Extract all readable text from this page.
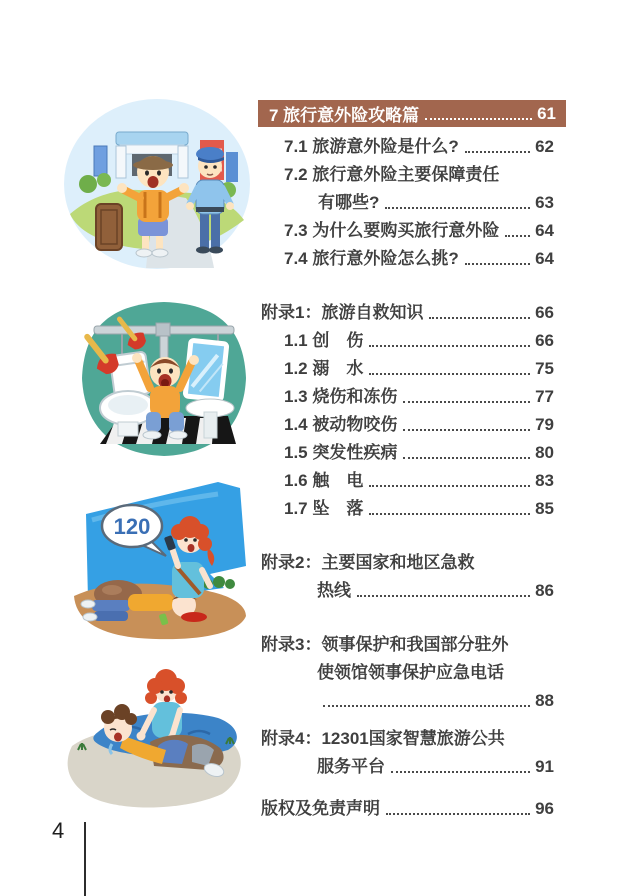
7 旅行意外险攻略篇	61
7.1 旅游意外险是什么?	62
7.2 旅行意外险主要保障责任
有哪些?	63
7.3 为什么要购买旅行意外险 64
7.4 旅行意外险怎么挑?	64
附录1：旅游自救知识	66
1.1 创　伤	66
1.2 溺　水	75
1.3 烧伤和冻伤	77
1.4 被动物咬伤	79
1.5 突发性疾病	80
1.6 触　电	83
1.7 坠　落	85
附录2：主要国家和地区急救
热线	86
附录3：领事保护和我国部分驻外
使领馆领事保护应急电话
88
附录4：12301国家智慧旅游公共
服务平台	91
版权及免责声明	96
120
4
